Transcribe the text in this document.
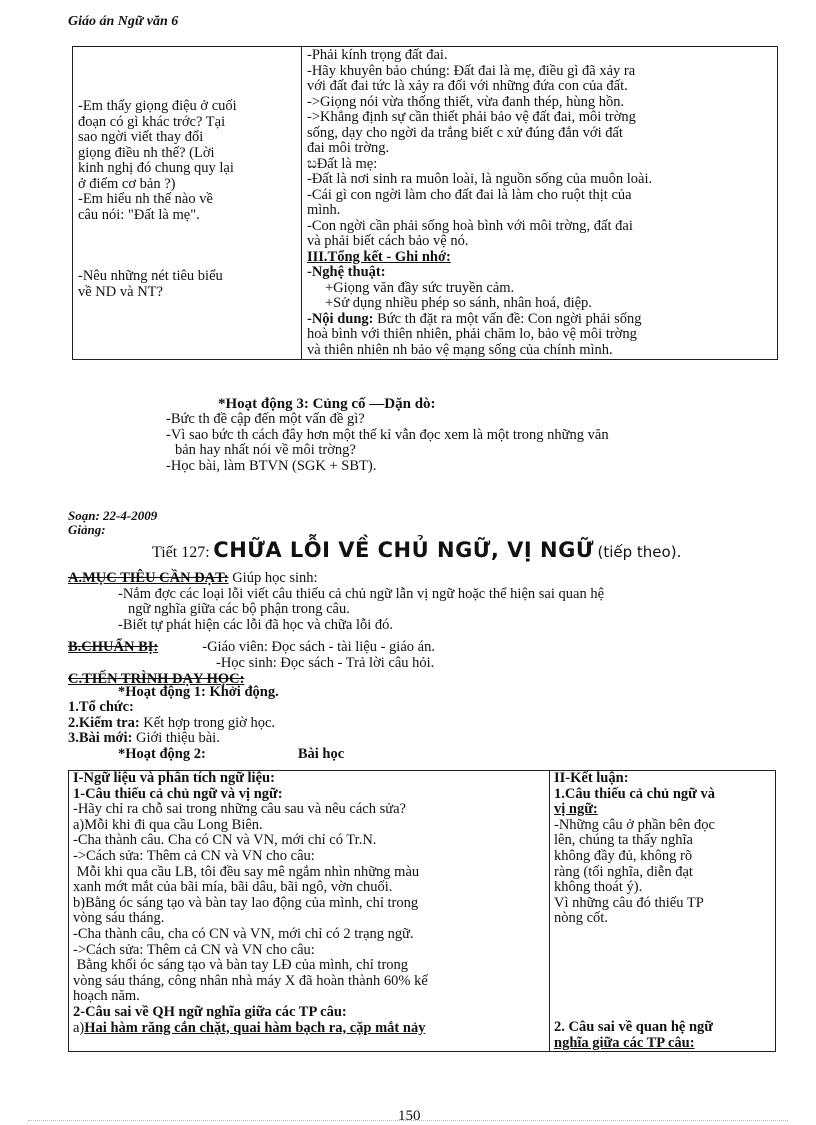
Giáo án Ngữ văn 6
-Em thấy giọng điệu ở cuối
đoạn có gì khác trớc? Tại
sao ngời viết thay đổi
giọng điều nh thế? (Lời
kinh nghị đó chung quy lại
ở điểm cơ bản ?)
-Em hiểu nh thế nào về
câu nói: "Đất là mẹ".
-Nêu những nét tiêu biểu
về ND và NT?

-Phải kính trọng đất đai.
-Hãy khuyên bảo chúng: Đất đai là mẹ, điều gì đã xảy ra
với đất đai tức là xảy ra đối với những đứa con của đất.
->Giọng nói vừa thống thiết, vừa đanh thép, hùng hồn.
->Khẳng định sự cần thiết phải bảo vệ đất đai, môi trờng
sống, dạy cho ngời da trắng biết c xử đúng đắn với đất
đai môi trờng.
ಬĐất là mẹ:
-Đất là nơi sinh ra muôn loài, là nguồn sống của muôn loài.
-Cái gì con ngời làm cho đất đai là làm cho ruột thịt của
mình.
-Con ngời cần phải sống hoà bình với môi trờng, đất đai
và phải biết cách bảo vệ nó.
III.Tổng kết - Ghi nhớ:
-Nghệ thuật:
+Giọng văn đầy sức truyền cảm.
+Sử dụng nhiều phép so sánh, nhân hoá, điệp.
-Nội dung: Bức th đặt ra một vấn đề: Con ngời phải sống
hoà bình với thiên nhiên, phải chăm lo, bảo vệ môi trờng
và thiên nhiên nh bảo vệ mạng sống của chính mình.
*Hoạt động 3: Củng cố —Dặn dò:
-Bức th đề cập đến một vấn đề gì?
-Vì sao bức th cách đây hơn một thế kỉ vẫn đọc xem là một trong những văn
bản hay nhất nói về môi trờng?
-Học bài, làm BTVN (SGK + SBT).
Soạn: 22-4-2009
Giảng:
Tiết 127: CHỮA LỖI VỀ CHỦ NGỮ, VỊ NGỮ (tiếp theo).
A.MỤC TIÊU CẦN ĐẠT: Giúp học sinh:
-Nắm đợc các loại lỗi viết câu thiếu cả chủ ngữ lẫn vị ngữ hoặc thể hiện sai quan hệ
ngữ nghĩa giữa các bộ phận trong câu.
-Biết tự phát hiện các lỗi đã học và chữa lỗi đó.
B.CHUẨN BỊ:	-Giáo viên: Đọc sách - tài liệu - giáo án.
-Học sinh: Đọc sách - Trả lời câu hỏi.
C.TIẾN TRÌNH DẠY HỌC:
*Hoạt động 1: Khởi động.
1.Tổ chức:
2.Kiểm tra: Kết hợp trong giờ học.
3.Bài mới: Giới thiệu bài.
*Hoạt động 2:	Bài học
I-Ngữ liệu và phân tích ngữ liệu:
1-Câu thiếu cả chủ ngữ và vị ngữ:
-Hãy chỉ ra chỗ sai trong những câu sau và nêu cách sửa?
a)Mỗi khi đi qua cầu Long Biên.
-Cha thành câu. Cha có CN và VN, mới chỉ có Tr.N.
->Cách sửa: Thêm cả CN và VN cho câu:
Mỗi khi qua cầu LB, tôi đều say mê ngắm nhìn những màu
xanh mớt mắt của bãi mía, bãi dâu, bãi ngô, vờn chuối.
b)Bằng óc sáng tạo và bàn tay lao động của mình, chỉ trong
vòng sáu tháng.
-Cha thành câu, cha có CN và VN, mới chỉ có 2 trạng ngữ.
->Cách sửa: Thêm cả CN và VN cho câu:
Bằng khối óc sáng tạo và bàn tay LĐ của mình, chỉ trong
vòng sáu tháng, công nhân nhà máy X đã hoàn thành 60% kế
hoạch năm.
2-Câu sai về QH ngữ nghĩa giữa các TP câu:
a)Hai hàm răng cắn chặt, quai hàm bạch ra, cặp mắt nảy

II-Kết luận:
1.Câu thiếu cả chủ ngữ và
vị ngữ:
-Những câu ở phần bên đọc
lên, chúng ta thấy nghĩa
không đầy đủ, không rõ
ràng (tối nghĩa, diễn đạt
không thoát ý).
Vì những câu đó thiếu TP
nòng cốt.
2. Câu sai về quan hệ ngữ
nghĩa giữa các TP câu:
150
